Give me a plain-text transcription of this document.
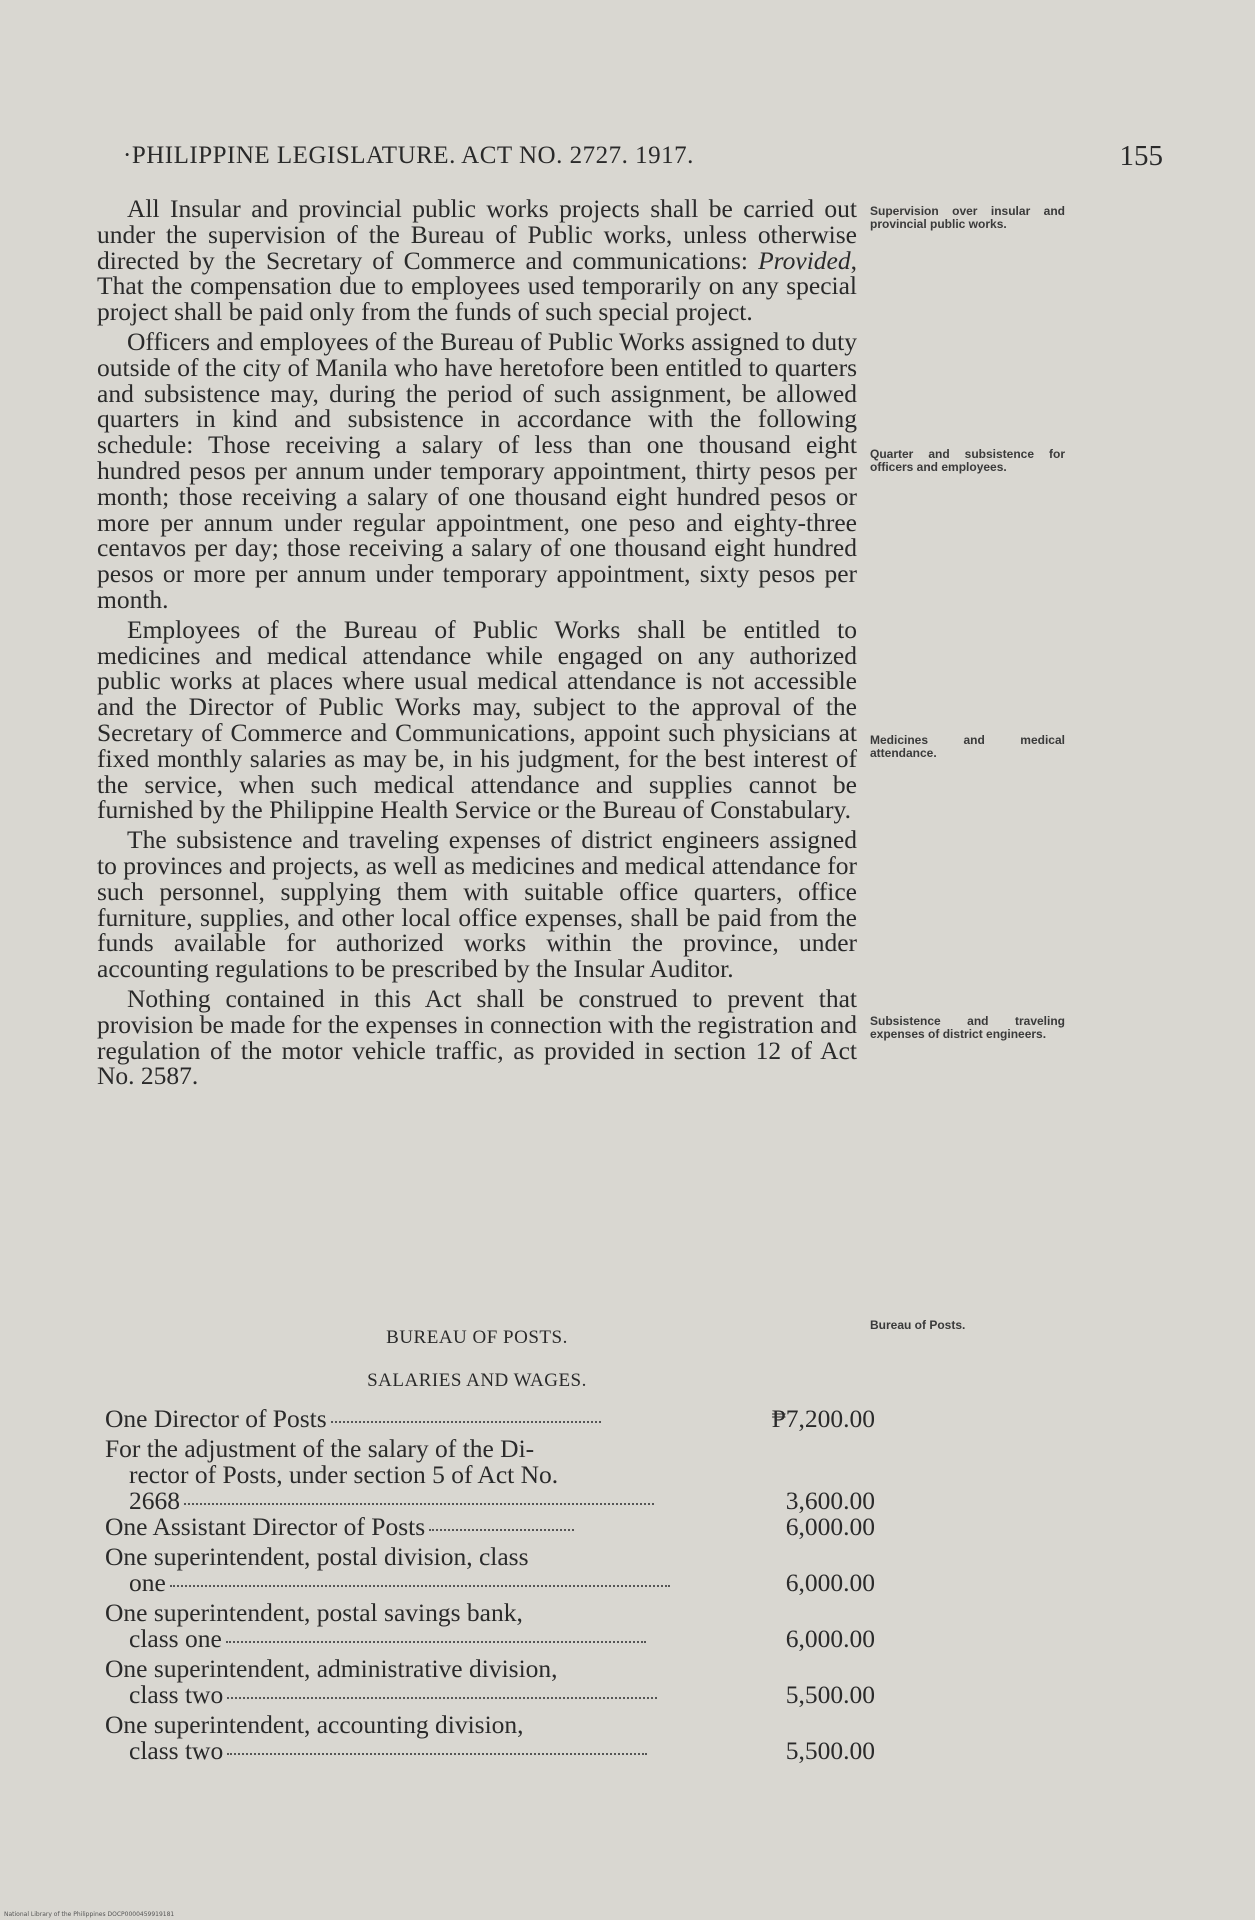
·PHILIPPINE LEGISLATURE. ACT NO. 2727. 1917.	155

All Insular and provincial public works projects shall be carried out under the supervision of the Bureau of Public works, unless otherwise directed by the Secretary of Commerce and communications: Provided, That the compensation due to employees used temporarily on any special project shall be paid only from the funds of such special project.

Officers and employees of the Bureau of Public Works assigned to duty outside of the city of Manila who have heretofore been entitled to quarters and subsistence may, during the period of such assignment, be allowed quarters in kind and subsistence in accordance with the following schedule: Those receiving a salary of less than one thousand eight hundred pesos per annum under temporary appointment, thirty pesos per month; those receiving a salary of one thousand eight hundred pesos or more per annum under regular appointment, one peso and eighty-three centavos per day; those receiving a salary of one thousand eight hundred pesos or more per annum under temporary appointment, sixty pesos per month.

Employees of the Bureau of Public Works shall be entitled to medicines and medical attendance while engaged on any authorized public works at places where usual medical attendance is not accessible and the Director of Public Works may, subject to the approval of the Secretary of Commerce and Communications, appoint such physicians at fixed monthly salaries as may be, in his judgment, for the best interest of the service, when such medical attendance and supplies cannot be furnished by the Philippine Health Service or the Bureau of Constabulary.

The subsistence and traveling expenses of district engineers assigned to provinces and projects, as well as medicines and medical attendance for such personnel, supplying them with suitable office quarters, office furniture, supplies, and other local office expenses, shall be paid from the funds available for authorized works within the province, under accounting regulations to be prescribed by the Insular Auditor.

Nothing contained in this Act shall be construed to prevent that provision be made for the expenses in connection with the registration and regulation of the motor vehicle traffic, as provided in section 12 of Act No. 2587.

Supervision over insular and provincial public works.
Quarter and subsistence for officers and employees.
Medicines and medical attendance.
Subsistence and traveling expenses of district engineers.
Bureau of Posts.
BUREAU OF POSTS.
SALARIES AND WAGES.
One Director of Posts	₱7,200.00
For the adjustment of the salary of the Di-
rector of Posts, under section 5 of Act No.
2668	3,600.00
One Assistant Director of Posts	6,000.00
One superintendent, postal division, class
one	6,000.00
One superintendent, postal savings bank,
class one	6,000.00
One superintendent, administrative division,
class two	5,500.00
One superintendent, accounting division,
class two	5,500.00
National Library of the Philippines DOCP0000459919181
